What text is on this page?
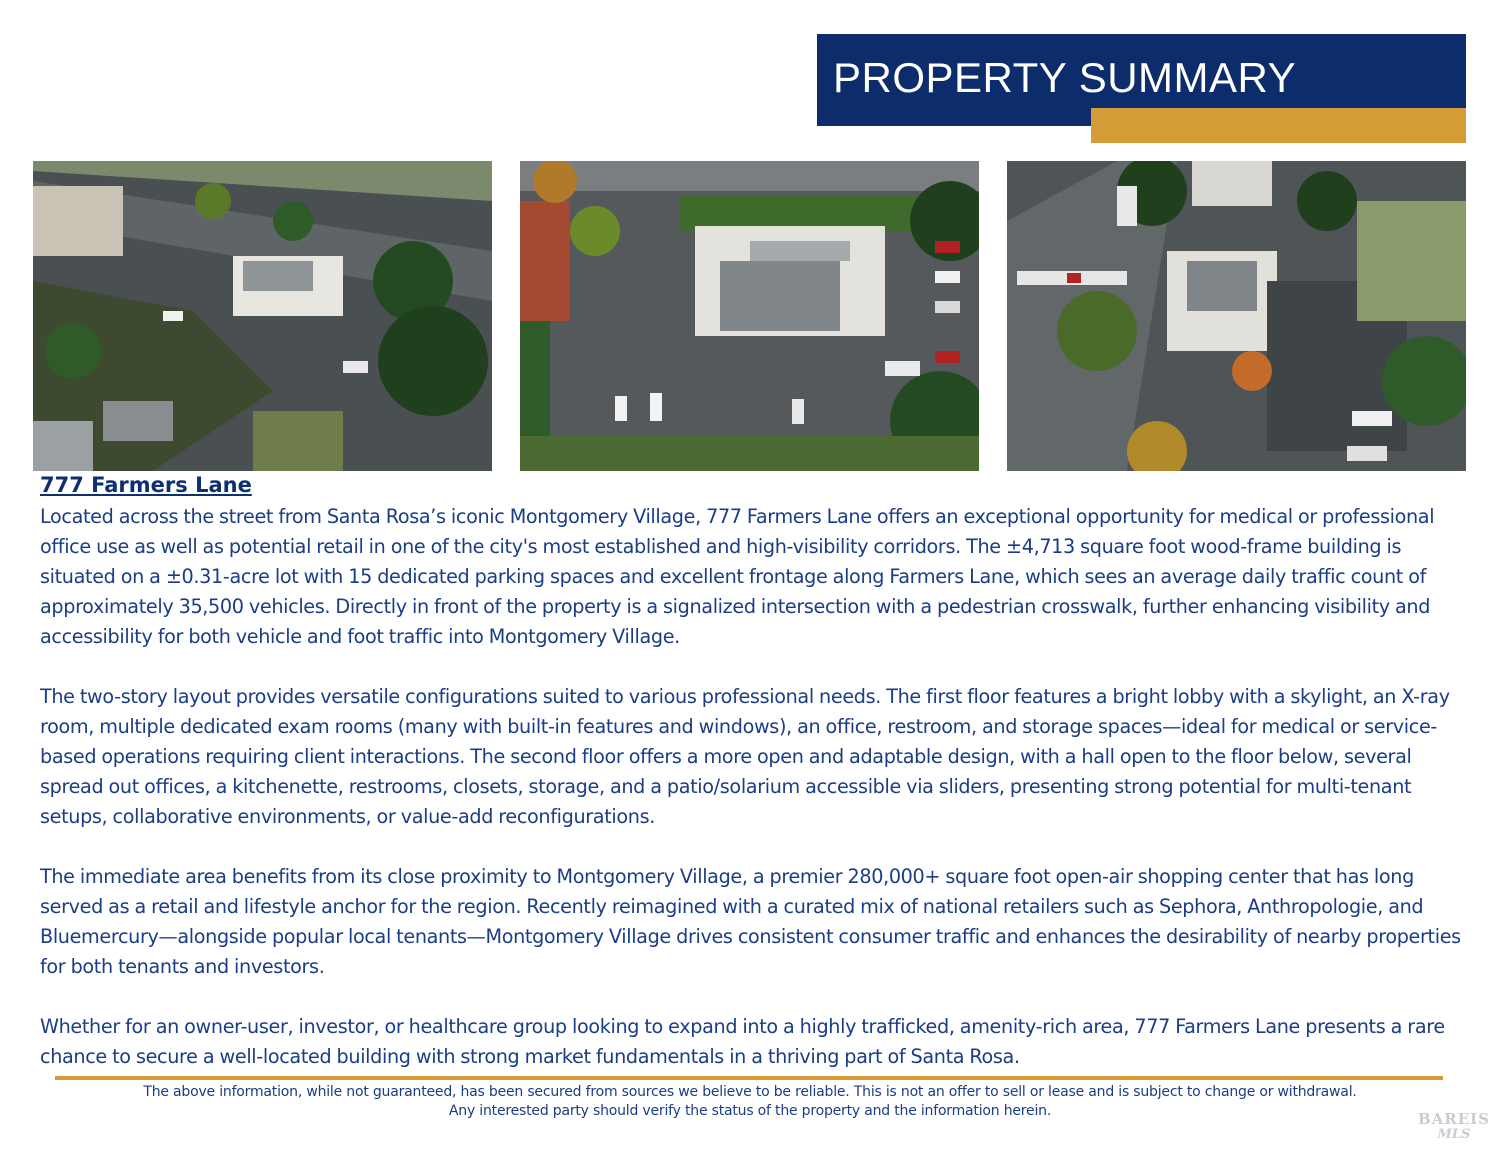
PROPERTY SUMMARY
777 Farmers Lane

Located across the street from Santa Rosa’s iconic Montgomery Village, 777 Farmers Lane offers an exceptional opportunity for medical or professional office use as well as potential retail in one of the city's most established and high-visibility corridors. The ±4,713 square foot wood-frame building is situated on a ±0.31-acre lot with 15 dedicated parking spaces and excellent frontage along Farmers Lane, which sees an average daily traffic count of approximately 35,500 vehicles. Directly in front of the property is a signalized intersection with a pedestrian crosswalk, further enhancing visibility and accessibility for both vehicle and foot traffic into Montgomery Village.

The two-story layout provides versatile configurations suited to various professional needs. The first floor features a bright lobby with a skylight, an X-ray room, multiple dedicated exam rooms (many with built-in features and windows), an office, restroom, and storage spaces—ideal for medical or service-based operations requiring client interactions. The second floor offers a more open and adaptable design, with a hall open to the floor below, several spread out offices, a kitchenette, restrooms, closets, storage, and a patio/solarium accessible via sliders, presenting strong potential for multi-tenant setups, collaborative environments, or value-add reconfigurations.

The immediate area benefits from its close proximity to Montgomery Village, a premier 280,000+ square foot open-air shopping center that has long served as a retail and lifestyle anchor for the region. Recently reimagined with a curated mix of national retailers such as Sephora, Anthropologie, and Bluemercury—alongside popular local tenants—Montgomery Village drives consistent consumer traffic and enhances the desirability of nearby properties for both tenants and investors.

Whether for an owner-user, investor, or healthcare group looking to expand into a highly trafficked, amenity-rich area, 777 Farmers Lane presents a rare chance to secure a well-located building with strong market fundamentals in a thriving part of Santa Rosa.

The above information, while not guaranteed, has been secured from sources we believe to be reliable. This is not an offer to sell or lease and is subject to change or withdrawal.
Any interested party should verify the status of the property and the information herein.	BAREIS
MLS
